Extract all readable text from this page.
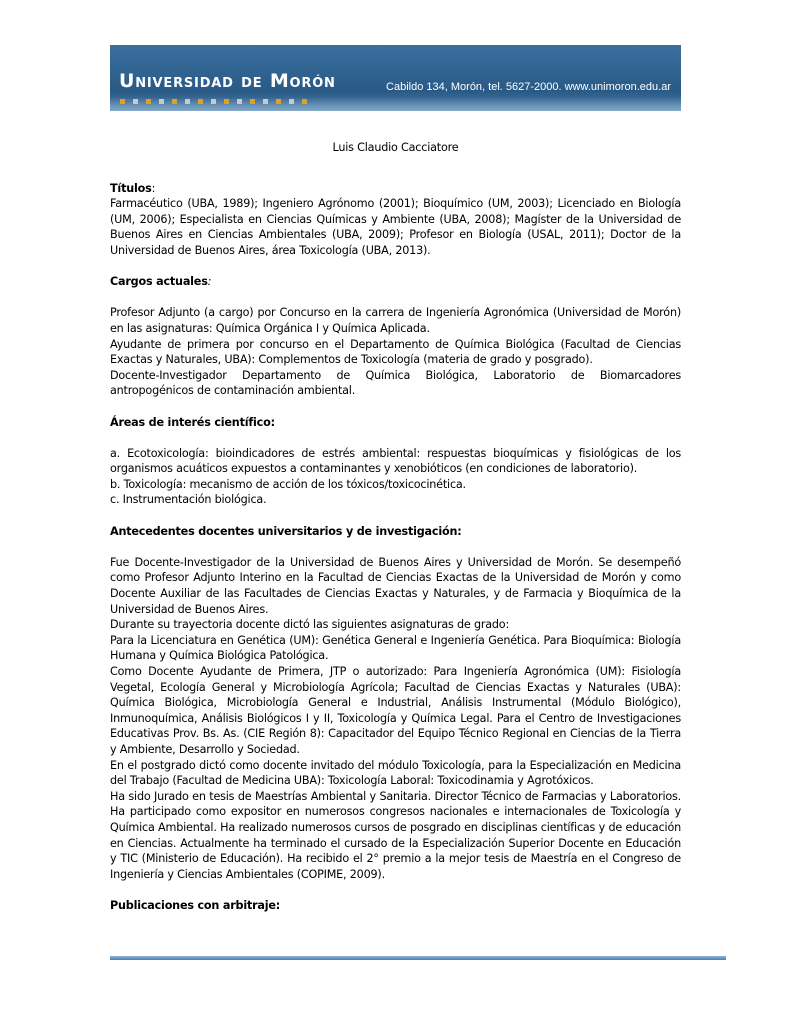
Universidad de Morón	Cabildo 134, Morón, tel. 5627-2000. www.unimoron.edu.ar

Luis Claudio Cacciatore

Títulos:

Farmacéutico (UBA, 1989); Ingeniero Agrónomo (2001); Bioquímico (UM, 2003); Licenciado en Biología (UM, 2006); Especialista en Ciencias Químicas y Ambiente (UBA, 2008); Magíster de la Universidad de Buenos Aires en Ciencias Ambientales (UBA, 2009); Profesor en Biología (USAL, 2011); Doctor de la Universidad de Buenos Aires, área Toxicología (UBA, 2013).

Cargos actuales:

Profesor Adjunto (a cargo) por Concurso en la carrera de Ingeniería Agronómica (Universidad de Morón) en las asignaturas: Química Orgánica I y Química Aplicada.

Ayudante de primera por concurso en el Departamento de Química Biológica (Facultad de Ciencias Exactas y Naturales, UBA): Complementos de Toxicología (materia de grado y posgrado).

Docente-Investigador Departamento de Química Biológica, Laboratorio de Biomarcadores antropogénicos de contaminación ambiental.

Áreas de interés científico:

a. Ecotoxicología: bioindicadores de estrés ambiental: respuestas bioquímicas y fisiológicas de los organismos acuáticos expuestos a contaminantes y xenobióticos (en condiciones de laboratorio).

b. Toxicología: mecanismo de acción de los tóxicos/toxicocinética.

c. Instrumentación biológica.

Antecedentes docentes universitarios y de investigación:

Fue Docente-Investigador de la Universidad de Buenos Aires y Universidad de Morón. Se desempeñó como Profesor Adjunto Interino en la Facultad de Ciencias Exactas de la Universidad de Morón y como Docente Auxiliar de las Facultades de Ciencias Exactas y Naturales, y de Farmacia y Bioquímica de la Universidad de Buenos Aires.

Durante su trayectoria docente dictó las siguientes asignaturas de grado:

Para la Licenciatura en Genética (UM): Genética General e Ingeniería Genética. Para Bioquímica: Biología Humana y Química Biológica Patológica.

Como Docente Ayudante de Primera, JTP o autorizado: Para Ingeniería Agronómica (UM): Fisiología Vegetal, Ecología General y Microbiología Agrícola; Facultad de Ciencias Exactas y Naturales (UBA): Química Biológica, Microbiología General e Industrial, Análisis Instrumental (Módulo Biológico), Inmunoquímica, Análisis Biológicos I y II, Toxicología y Química Legal. Para el Centro de Investigaciones Educativas Prov. Bs. As. (CIE Región 8): Capacitador del Equipo Técnico Regional en Ciencias de la Tierra y Ambiente, Desarrollo y Sociedad.

En el postgrado dictó como docente invitado del módulo Toxicología, para la Especialización en Medicina del Trabajo (Facultad de Medicina UBA): Toxicología Laboral: Toxicodinamia y Agrotóxicos.

Ha sido Jurado en tesis de Maestrías Ambiental y Sanitaria. Director Técnico de Farmacias y Laboratorios. Ha participado como expositor en numerosos congresos nacionales e internacionales de Toxicología y Química Ambiental. Ha realizado numerosos cursos de posgrado en disciplinas científicas y de educación en Ciencias. Actualmente ha terminado el cursado de la Especialización Superior Docente en Educación y TIC (Ministerio de Educación). Ha recibido el 2° premio a la mejor tesis de Maestría en el Congreso de Ingeniería y Ciencias Ambientales (COPIME, 2009).

Publicaciones con arbitraje:
